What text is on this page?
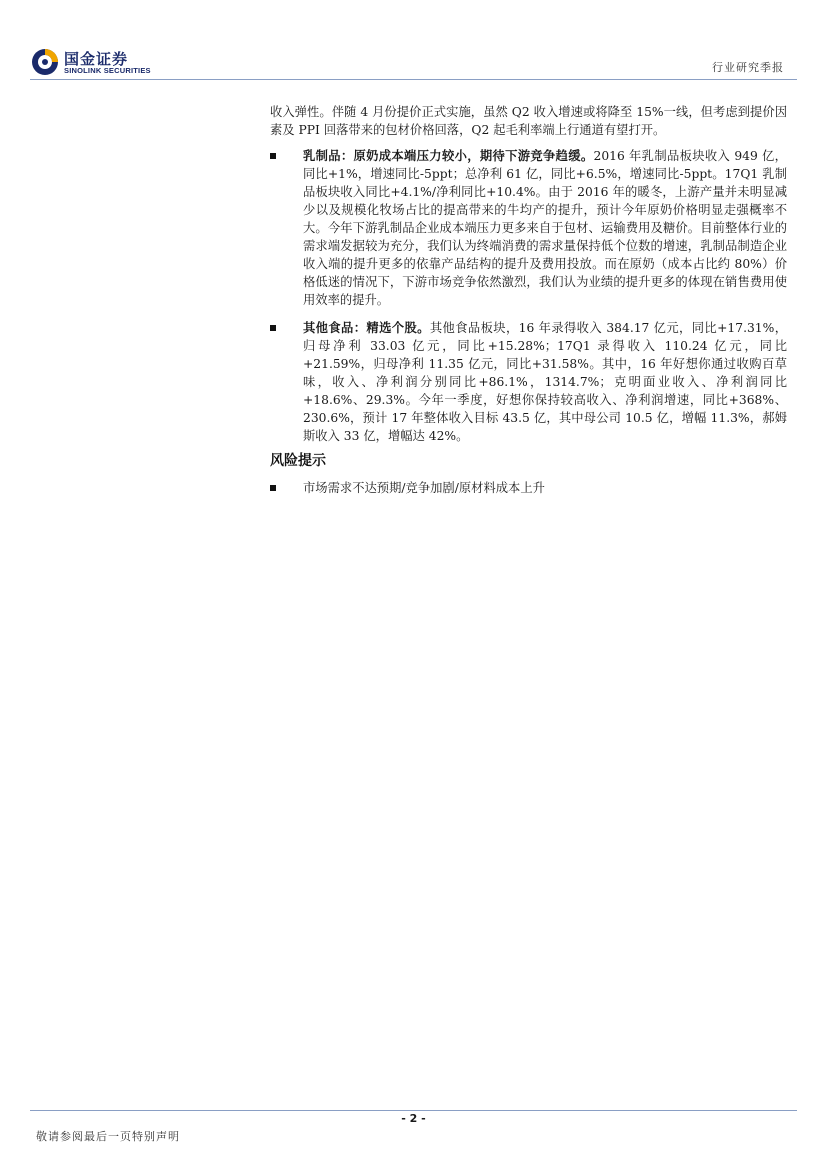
国金证券
SINOLINK SECURITIES	行业研究季报

收入弹性。伴随 4 月份提价正式实施，虽然 Q2 收入增速或将降至 15%一线，但考虑到提价因素及 PPI 回落带来的包材价格回落，Q2 起毛利率端上行通道有望打开。

乳制品：原奶成本端压力较小，期待下游竞争趋缓。2016 年乳制品板块收入 949 亿，同比+1%，增速同比-5ppt；总净利 61 亿，同比+6.5%，增速同比-5ppt。17Q1 乳制品板块收入同比+4.1%/净利同比+10.4%。由于 2016 年的暖冬，上游产量并未明显减少以及规模化牧场占比的提高带来的牛均产的提升，预计今年原奶价格明显走强概率不大。今年下游乳制品企业成本端压力更多来自于包材、运输费用及糖价。目前整体行业的需求端发据较为充分，我们认为终端消费的需求量保持低个位数的增速，乳制品制造企业收入端的提升更多的依靠产品结构的提升及费用投放。而在原奶（成本占比约 80%）价格低迷的情况下，下游市场竞争依然激烈，我们认为业绩的提升更多的体现在销售费用使用效率的提升。
其他食品：精选个股。其他食品板块，16 年录得收入 384.17 亿元，同比+17.31%，归母净利 33.03 亿元，同比+15.28%；17Q1 录得收入 110.24 亿元，同比+21.59%，归母净利 11.35 亿元，同比+31.58%。其中，16 年好想你通过收购百草味，收入、净利润分别同比+86.1%，1314.7%；克明面业收入、净利润同比+18.6%、29.3%。今年一季度，好想你保持较高收入、净利润增速，同比+368%、230.6%，预计 17 年整体收入目标 43.5 亿，其中母公司 10.5 亿，增幅 11.3%，郝姆斯收入 33 亿，增幅达 42%。
风险提示
市场需求不达预期/竞争加剧/原材料成本上升
- 2 -
敬请参阅最后一页特别声明
